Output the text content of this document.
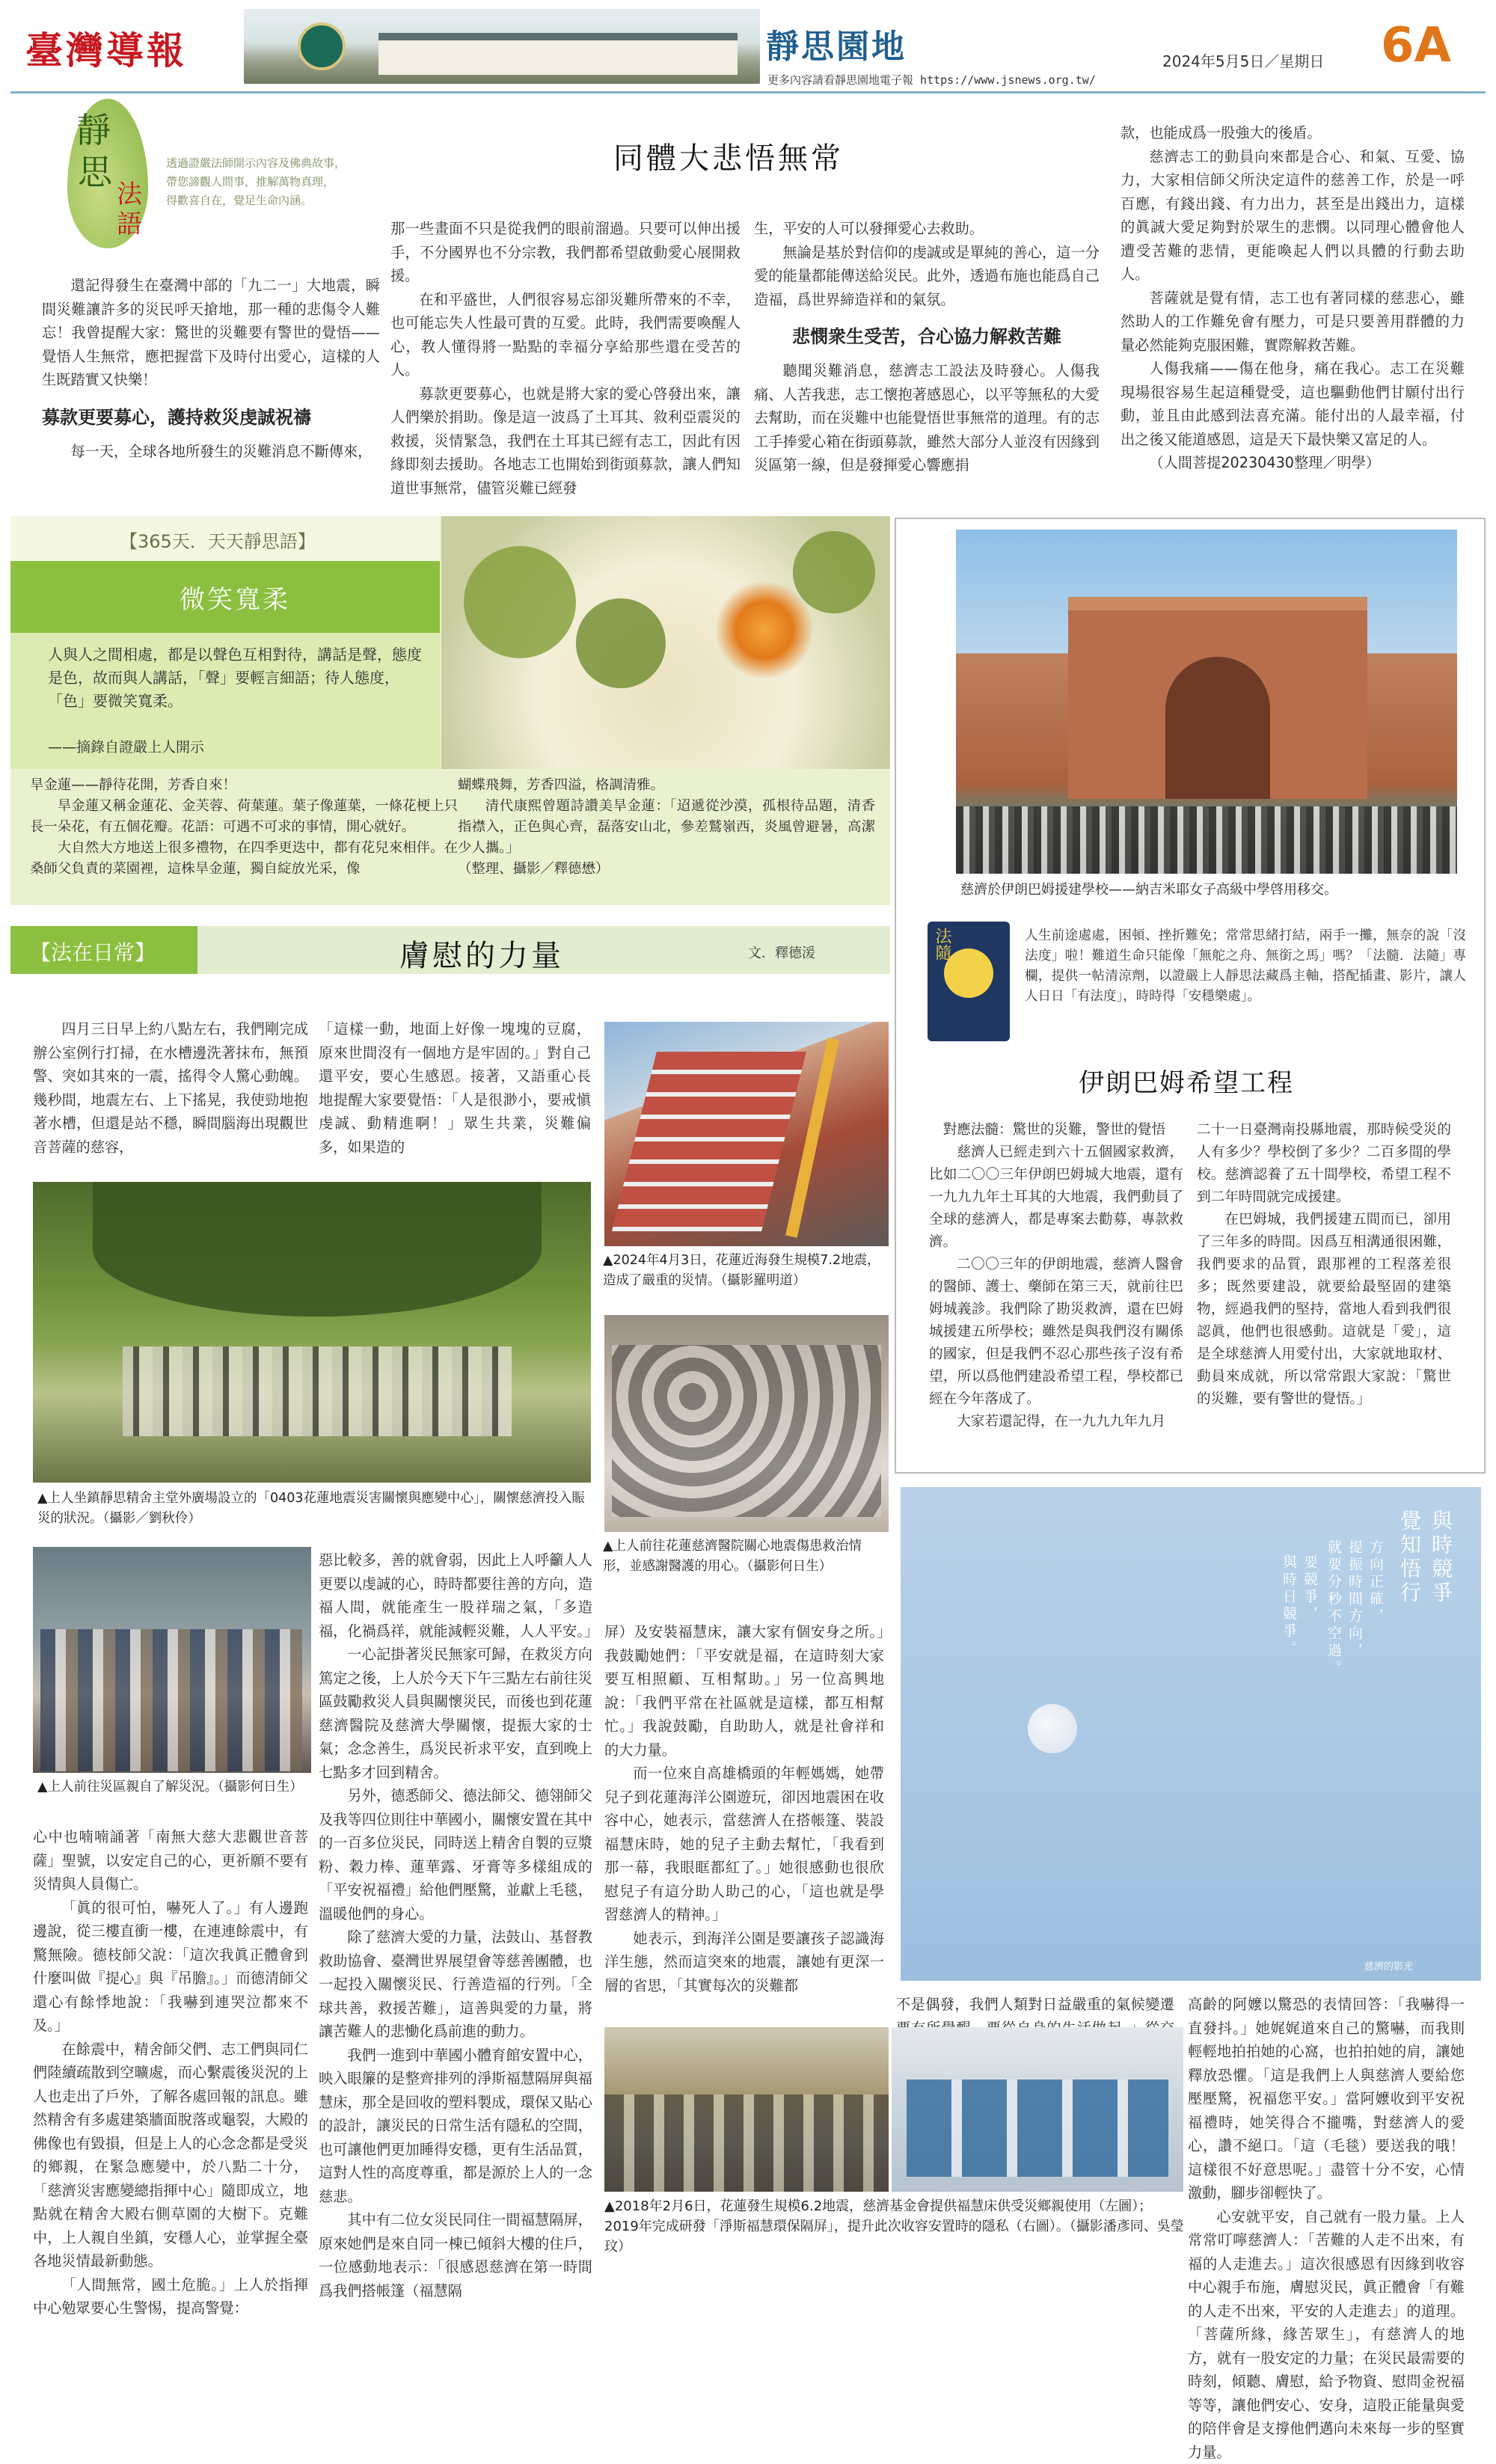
臺灣導報	靜思園地
更多內容請看靜思園地電子報 https://www.jsnews.org.tw/
2024年5月5日／星期日 6A
靜
思
法
語
透過證嚴法師開示內容及佛典故事，
帶您諦觀人間事，推解萬物真理，
得歡喜自在，覺足生命內涵。
同體大悲悟無常

還記得發生在臺灣中部的「九二一」大地震，瞬間災難讓許多的災民呼天搶地，那一種的悲傷令人難忘！我曾提醒大家：驚世的災難要有警世的覺悟——覺悟人生無常，應把握當下及時付出愛心，這樣的人生既踏實又快樂！

募款更要募心，護持救災虔誠祝禱

每一天，全球各地所發生的災難消息不斷傳來，

那一些畫面不只是從我們的眼前溜過。只要可以伸出援手，不分國界也不分宗教，我們都希望啟動愛心展開救援。

在和平盛世，人們很容易忘卻災難所帶來的不幸，也可能忘失人性最可貴的互愛。此時，我們需要喚醒人心，教人懂得將一點點的幸福分享給那些還在受苦的人。

募款更要募心，也就是將大家的愛心啓發出來，讓人們樂於捐助。像是這一波爲了土耳其、敘利亞震災的救援，災情緊急，我們在土耳其已經有志工，因此有因緣即刻去援助。各地志工也開始到街頭募款，讓人們知道世事無常，儘管災難已經發

生，平安的人可以發揮愛心去救助。

無論是基於對信仰的虔誠或是單純的善心，這一分愛的能量都能傳送給災民。此外，透過布施也能爲自己造福，爲世界締造祥和的氣氛。

悲憫衆生受苦，合心協力解救苦難

聽聞災難消息，慈濟志工設法及時發心。人傷我痛、人苦我悲，志工懷抱著感恩心，以平等無私的大愛去幫助，而在災難中也能覺悟世事無常的道理。有的志工手捧愛心箱在街頭募款，雖然大部分人並沒有因緣到災區第一線，但是發揮愛心響應捐

款，也能成爲一股強大的後盾。

慈濟志工的動員向來都是合心、和氣、互愛、協力，大家相信師父所決定這件的慈善工作，於是一呼百應，有錢出錢、有力出力，甚至是出錢出力，這樣的眞誠大愛足夠對於眾生的悲憫。以同理心體會他人遭受苦難的悲情，更能喚起人們以具體的行動去助人。

菩薩就是覺有情，志工也有著同樣的慈悲心，雖然助人的工作難免會有壓力，可是只要善用群體的力量必然能夠克服困難，實際解救苦難。

人傷我痛——傷在他身，痛在我心。志工在災難現場很容易生起這種覺受，這也驅動他們甘願付出行動，並且由此感到法喜充滿。能付出的人最幸福，付出之後又能道感恩，這是天下最快樂又富足的人。

（人間菩提20230430整理／明學）

【365天．天天靜思語】
微笑寬柔
人與人之間相處，都是以聲色互相對待，講話是聲，態度是色，故而與人講話，「聲」要輕言細語；待人態度，「色」要微笑寬柔。
——摘錄自證嚴上人開示

旱金蓮——靜待花開，芳香自來！

旱金蓮又稱金蓮花、金芙蓉、荷葉蓮。葉子像蓮葉，一條花梗上只長一朵花，有五個花瓣。花語：可遇不可求的事情，開心就好。

大自然大方地送上很多禮物，在四季更迭中，都有花兒來相伴。在桑師父負責的菜園裡，這株旱金蓮，獨自綻放光采，像

蝴蝶飛舞，芳香四溢，格調清雅。

清代康熙曾題詩讚美旱金蓮：「迢遞從沙漠，孤根待品題，清香指襟入，正色與心齊，磊落安山北，參差鷲嶺西，炎風曾避暑，高潔少人攜。」

（整理、攝影／釋德懋）

慈濟於伊朗巴姆援建學校——納吉米耶女子高級中學啓用移交。
法隨	人生前途處處，困頓、挫折難免；常常思緒打結，兩手一攤，無奈的說「沒法度」啦！難道生命只能像「無舵之舟、無銜之馬」嗎？「法髓．法隨」專欄，提供一帖清涼劑，以證嚴上人靜思法藏爲主軸，搭配插畫、影片，讓人人日日「有法度」，時時得「安穩樂處」。
伊朗巴姆希望工程

對應法髓：驚世的災難，警世的覺悟

慈濟人已經走到六十五個國家救濟，比如二〇〇三年伊朗巴姆城大地震，還有一九九九年土耳其的大地震，我們動員了全球的慈濟人，都是專案去勸募，專款救濟。

二〇〇三年的伊朗地震，慈濟人醫會的醫師、護士、藥師在第三天，就前往巴姆城義診。我們除了勘災救濟，還在巴姆城援建五所學校；雖然是與我們沒有關係的國家，但是我們不忍心那些孩子沒有希望，所以爲他們建設希望工程，學校都已經在今年落成了。

大家若還記得，在一九九九年九月

二十一日臺灣南投縣地震，那時候受災的人有多少？學校倒了多少？二百多間的學校。慈濟認養了五十間學校，希望工程不到二年時間就完成援建。

在巴姆城，我們援建五間而已，卻用了三年多的時間。因爲互相溝通很困難，我們要求的品質，跟那裡的工程落差很多；既然要建設，就要給最堅固的建築物，經過我們的堅持，當地人看到我們很認眞，他們也很感動。這就是「愛」，這是全球慈濟人用愛付出，大家就地取材、動員來成就，所以常常跟大家說：「驚世的災難，要有警世的覺悟。」

與時競爭
覺知悟行
方向正確，
提振時間方向，
就要分秒不空過。
要競爭，
與時日競爭。
慈濟的影光
【法在日常】	膚慰的力量	文．釋德湲

四月三日早上約八點左右，我們剛完成辦公室例行打掃，在水槽邊洗著抹布，無預警、突如其來的一震，搖得令人驚心動魄。幾秒間，地震左右、上下搖晃，我使勁地抱著水槽，但還是站不穩，瞬間腦海出現觀世音菩薩的慈容，

「這樣一動，地面上好像一塊塊的豆腐，原來世間沒有一個地方是牢固的。」對自己還平安，要心生感恩。接著，又語重心長地提醒大家要覺悟：「人是很渺小，要戒愼虔誠、動精進啊！」眾生共業，災難偏多，如果造的

▲2024年4月3日，花蓮近海發生規模7.2地震，造成了嚴重的災情。（攝影羅明道）
▲上人坐鎮靜思精舍主堂外廣場設立的「0403花蓮地震災害關懷與應變中心」，關懷慈濟投入賑災的狀況。（攝影／劉秋伶）
▲上人前往花蓮慈濟醫院關心地震傷患救治情形，並感謝醫護的用心。（攝影何日生）
▲上人前往災區親自了解災況。（攝影何日生）

心中也喃喃誦著「南無大慈大悲觀世音菩薩」聖號，以安定自己的心，更祈願不要有災情與人員傷亡。

「眞的很可怕，嚇死人了。」有人邊跑邊說，從三樓直衝一樓，在連連餘震中，有驚無險。德枝師父說：「這次我眞正體會到什麼叫做『提心』與『吊膽』。」而德清師父還心有餘悸地說：「我嚇到連哭泣都來不及。」

在餘震中，精舍師父們、志工們與同仁們陸續疏散到空曠處，而心繫震後災況的上人也走出了戶外，了解各處回報的訊息。雖然精舍有多處建築牆面脫落或龜裂，大殿的佛像也有毀損，但是上人的心念念都是受災的鄉親，在緊急應變中，於八點二十分，「慈濟災害應變總指揮中心」隨即成立，地點就在精舍大殿右側草園的大樹下。克難中，上人親自坐鎮，安穩人心，並掌握全臺各地災情最新動態。

「人間無常，國土危脆。」上人於指揮中心勉眾要心生警惕，提高警覺：

惡比較多，善的就會弱，因此上人呼籲人人更要以虔誠的心，時時都要往善的方向，造福人間，就能產生一股祥瑞之氣，「多造福，化禍爲祥，就能減輕災難，人人平安。」

一心記掛著災民無家可歸，在救災方向篤定之後，上人於今天下午三點左右前往災區鼓勵救災人員與關懷災民，而後也到花蓮慈濟醫院及慈濟大學關懷，提振大家的士氣；念念善生，爲災民祈求平安，直到晚上七點多才回到精舍。

另外，德悉師父、德法師父、德翎師父及我等四位則往中華國小，關懷安置在其中的一百多位災民，同時送上精舍自製的豆漿粉、穀力棒、蓮華露、牙膏等多樣組成的「平安祝福禮」給他們壓驚，並獻上毛毯，溫暖他們的身心。

除了慈濟大愛的力量，法鼓山、基督教救助協會、臺灣世界展望會等慈善團體，也一起投入關懷災民、行善造福的行列。「全球共善，救援苦難」，這善與愛的力量，將讓苦難人的悲慟化爲前進的動力。

我們一進到中華國小體育館安置中心，映入眼簾的是整齊排列的淨斯福慧隔屏與福慧床，那全是回收的塑料製成，環保又貼心的設計，讓災民的日常生活有隱私的空間，也可讓他們更加睡得安穩，更有生活品質，這對人性的高度尊重，都是源於上人的一念慈悲。

其中有二位女災民同住一間福慧隔屏，原來她們是來自同一棟已傾斜大樓的住戶，一位感動地表示：「很感恩慈濟在第一時間爲我們搭帳篷（福慧隔

屏）及安裝福慧床，讓大家有個安身之所。」我鼓勵她們：「平安就是福，在這時刻大家要互相照顧、互相幫助。」另一位高興地說：「我們平常在社區就是這樣，都互相幫忙。」我說鼓勵，自助助人，就是社會祥和的大力量。

而一位來自高雄橋頭的年輕媽媽，她帶兒子到花蓮海洋公園遊玩，卻因地震困在收容中心，她表示，當慈濟人在搭帳篷、裝設福慧床時，她的兒子主動去幫忙，「我看到那一幕，我眼眶都紅了。」她很感動也很欣慰兒子有這分助人助己的心，「這也就是學習慈濟人的精神。」

她表示，到海洋公園是要讓孩子認識海洋生態，然而這突來的地震，讓她有更深一層的省思，「其實每次的災難都

不是偶發，我們人類對日益嚴重的氣候變遷 高齡的阿嬤以驚恐的表情回答：「我嚇得一直發抖。」她娓娓道來自己的驚嚇，而我則輕輕地拍拍她的心窩，也拍拍她的肩，讓她釋放恐懼。「這是我們上人與慈濟人要給您壓壓驚，祝福您平安。」當阿嬤收到平安祝福禮時，她笑得合不攏嘴，對慈濟人的愛心，讚不絕口。「這（毛毯）要送我的哦！這樣很不好意思呢。」盡管十分不安，心情激動，腳步卻輕快了。

心安就平安，自己就有一股力量。上人常常叮嚀慈濟人：「苦難的人走不出來，有福的人走進去。」這次很感恩有因緣到收容中心親手布施，膚慰災民，眞正體會「有難的人走不出來，平安的人走進去」的道理。「菩薩所緣，緣苦眾生」，有慈濟人的地方，就有一股安定的力量；在災民最需要的時刻，傾聽、膚慰，給予物資、慰問金祝福等等，讓他們安心、安身，這股正能量與愛的陪伴會是支撐他們邁向未來每一步的堅實力量。

▲2018年2月6日，花蓮發生規模6.2地震，慈濟基金會提供福慧床供受災鄉親使用（左圖）；2019年完成研發「淨斯福慧環保隔屏」，提升此次收容安置時的隱私（右圖）。（攝影潘彥同、吳瑩玟）
